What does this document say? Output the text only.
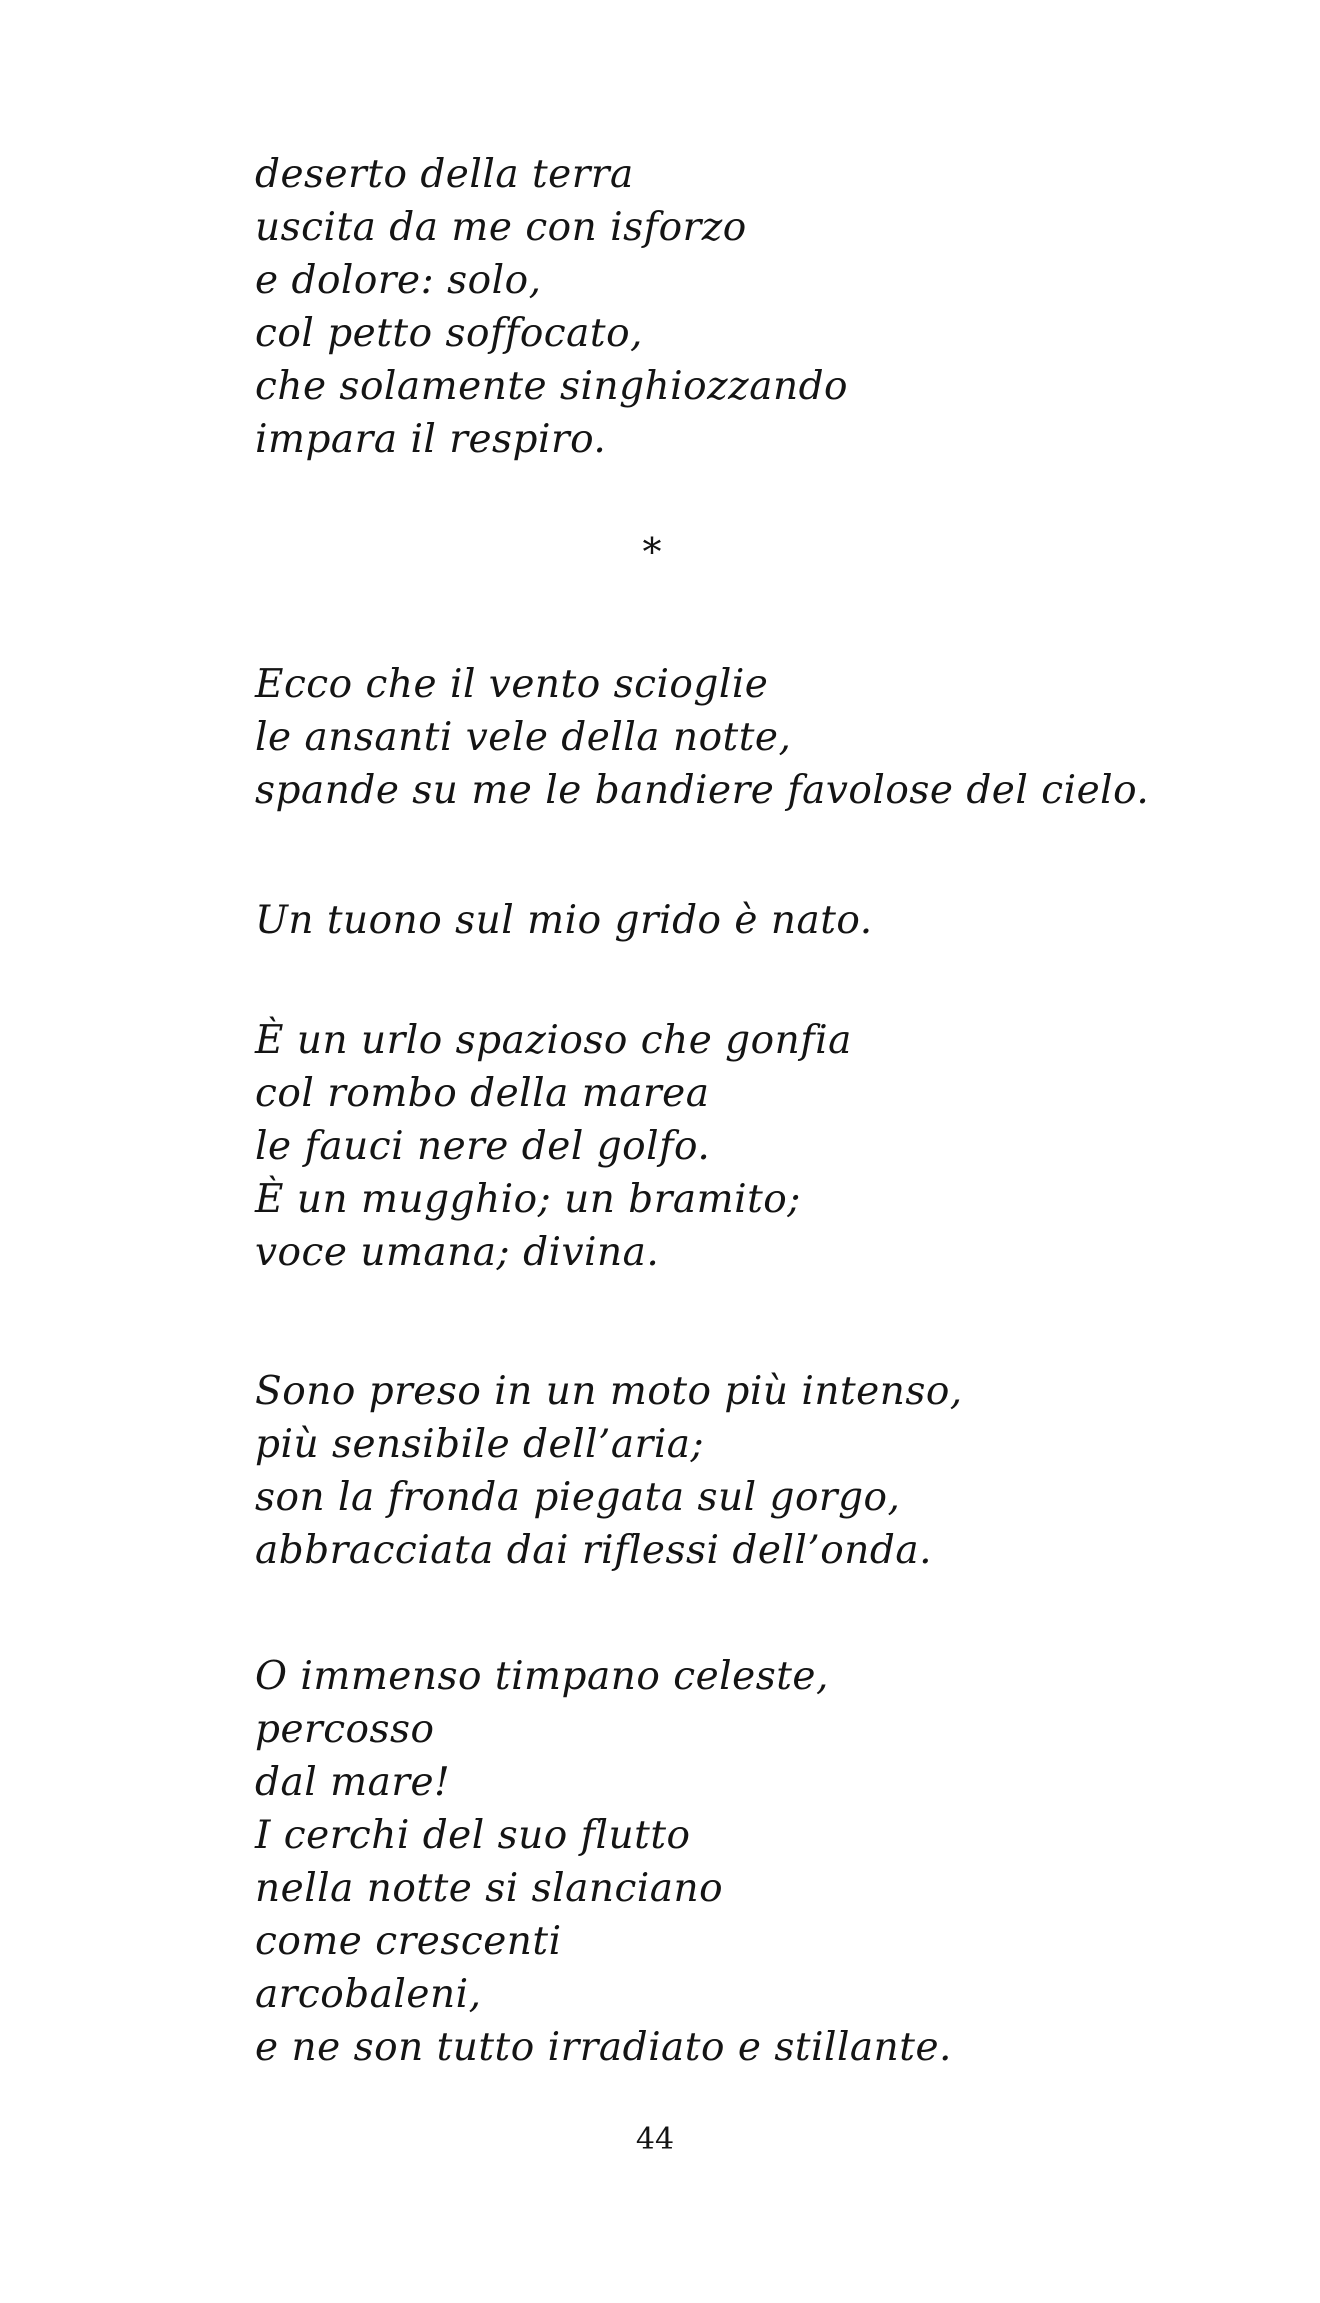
deserto della terra
uscita da me con isforzo
e dolore: solo,
col petto soffocato,
che solamente singhiozzando
impara il respiro.
*
Ecco che il vento scioglie
le ansanti vele della notte,
spande su me le bandiere favolose del cielo.
Un tuono sul mio grido è nato.
È un urlo spazioso che gonfia
col rombo della marea
le fauci nere del golfo.
È un mugghio; un bramito;
voce umana; divina.
Sono preso in un moto più intenso,
più sensibile dell’aria;
son la fronda piegata sul gorgo,
abbracciata dai riflessi dell’onda.
O immenso timpano celeste,
percosso
dal mare!
I cerchi del suo flutto
nella notte si slanciano
come crescenti
arcobaleni,
e ne son tutto irradiato e stillante.
44
